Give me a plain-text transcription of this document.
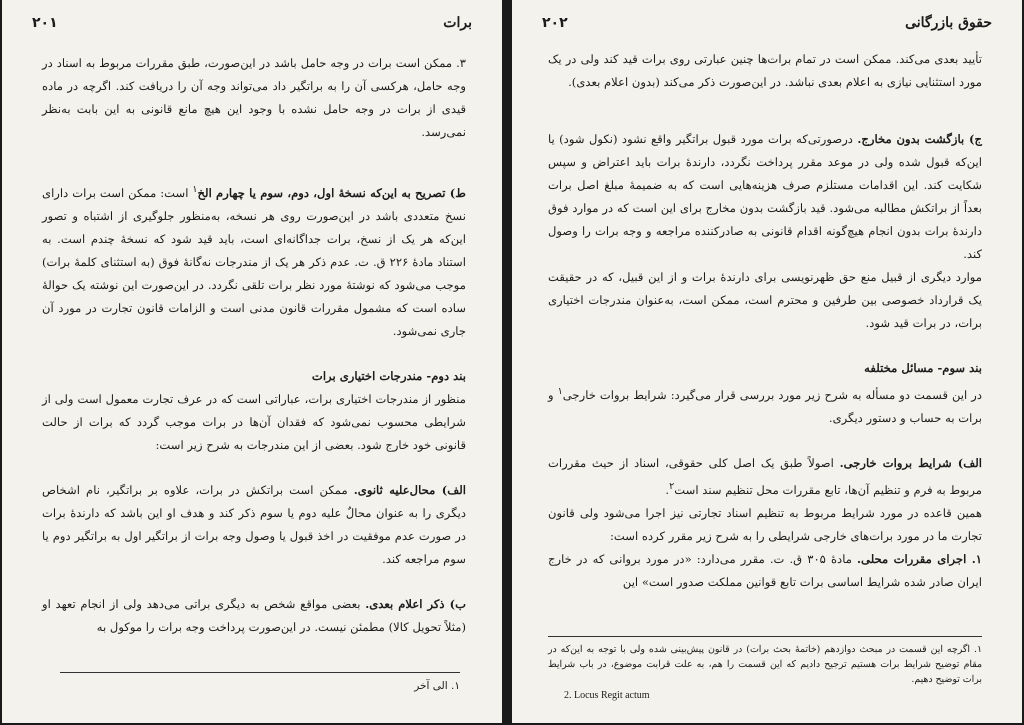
برات
۲۰۱

۳. ممکن است برات در وجه حامل باشد در این‌صورت، طبق مقررات مربوط به اسناد در وجه حامل، هرکسی آن را به براتگیر داد می‌تواند وجه آن را دریافت کند. اگرچه در ماده قیدی از برات در وجه حامل نشده با وجود این هیچ مانع قانونی به این بابت به‌نظر نمی‌رسد.

ط) تصریح به این‌که نسخهٔ اول، دوم، سوم یا چهارم الخ$^۱$ است: ممکن است برات دارای نسخ متعددی باشد در این‌صورت روی هر نسخه، به‌منظور جلوگیری از اشتباه و تصور این‌که هر یک از نسخ، برات جداگانه‌ای است، باید قید شود که نسخهٔ چندم است. به استناد مادهٔ ۲۲۶ ق. ت. عدم ذکر هر یک از مندرجات نه‌گانهٔ فوق (به استثنای کلمهٔ برات) موجب می‌شود که نوشتهٔ مورد نظر برات تلقی نگردد. در این‌صورت این نوشته یک حوالهٔ ساده است که مشمول مقررات قانون مدنی است و الزامات قانون تجارت در مورد آن جاری نمی‌شود.

بند دوم- مندرجات اختیاری برات

منظور از مندرجات اختیاری برات، عباراتی است که در عرف تجارت معمول است ولی از شرایطی محسوب نمی‌شود که فقدان آن‌ها در برات موجب گردد که برات از حالت قانونی خود خارج شود. بعضی از این مندرجات به شرح زیر است:

الف) محال‌علیه ثانوی. ممکن است براتکش در برات، علاوه بر براتگیر، نام اشخاص دیگری را به عنوان محالٌ علیه دوم یا سوم ذکر کند و هدف او این باشد که دارندهٔ برات در صورت عدم موفقیت در اخذ قبول یا وصول وجه برات از براتگیر اول به براتگیر دوم یا سوم مراجعه کند.

ب) ذکر اعلام بعدی. بعضی مواقع شخص به دیگری براتی می‌دهد ولی از انجام تعهد او (مثلاً تحویل کالا) مطمئن نیست. در این‌صورت پرداخت وجه برات را موکول به

۱. الی آخر
حقوق بازرگانی
۲۰۲

تأیید بعدی می‌کند. ممکن است در تمام برات‌ها چنین عبارتی روی برات قید کند ولی در یک مورد استثنایی نیازی به اعلام بعدی نباشد. در این‌صورت ذکر می‌کند (بدون اعلام بعدی).

ج) بازگشت بدون مخارج. درصورتی‌که برات مورد قبول براتگیر واقع نشود (نکول شود) یا این‌که قبول شده ولی در موعد مقرر پرداخت نگردد، دارندهٔ برات باید اعتراض و سپس شکایت کند. این اقدامات مستلزم صرف هزینه‌هایی است که به ضمیمهٔ مبلغ اصل برات بعداً از براتکش مطالبه می‌شود. قید بازگشت بدون مخارج برای این است که در موارد فوق دارندهٔ برات بدون انجام هیچ‌گونه اقدام قانونی به صادرکننده مراجعه و وجه برات را وصول کند.

موارد دیگری از قبیل منع حق ظهرنویسی برای دارندهٔ برات و از این قبیل، که در حقیقت یک قرارداد خصوصی بین طرفین و محترم است، ممکن است، به‌عنوان مندرجات اختیاری برات، در برات قید شود.

بند سوم- مسائل مختلفه

در این قسمت دو مسأله به شرح زیر مورد بررسی قرار می‌گیرد: شرایط بروات خارجی$^۱$ و برات به حساب و دستور دیگری.

الف) شرایط بروات خارجی. اصولاً طبق یک اصل کلی حقوقی، اسناد از حیث مقررات مربوط به فرم و تنظیم آن‌ها، تابع مقررات محل تنظیم سند است$^۲$.

همین قاعده در مورد شرایط مربوط به تنظیم اسناد تجارتی نیز اجرا می‌شود ولی قانون تجارت ما در مورد برات‌های خارجی شرایطی را به شرح زیر مقرر کرده است:

۱. اجرای مقررات محلی. مادهٔ ۳۰۵ ق. ت. مقرر می‌دارد: «در مورد بروانی که در خارج ایران صادر شده شرایط اساسی برات تابع قوانین مملکت صدور است» این

۱. اگرچه این قسمت در مبحث دوازدهم (خاتمهٔ بحث برات) در قانون پیش‌بینی شده ولی با توجه به این‌که در مقام توضیح شرایط برات هستیم ترجیح دادیم که این قسمت را هم، به علت قرابت موضوع، در باب شرایط برات توضیح دهیم.
2. Locus Regit actum
